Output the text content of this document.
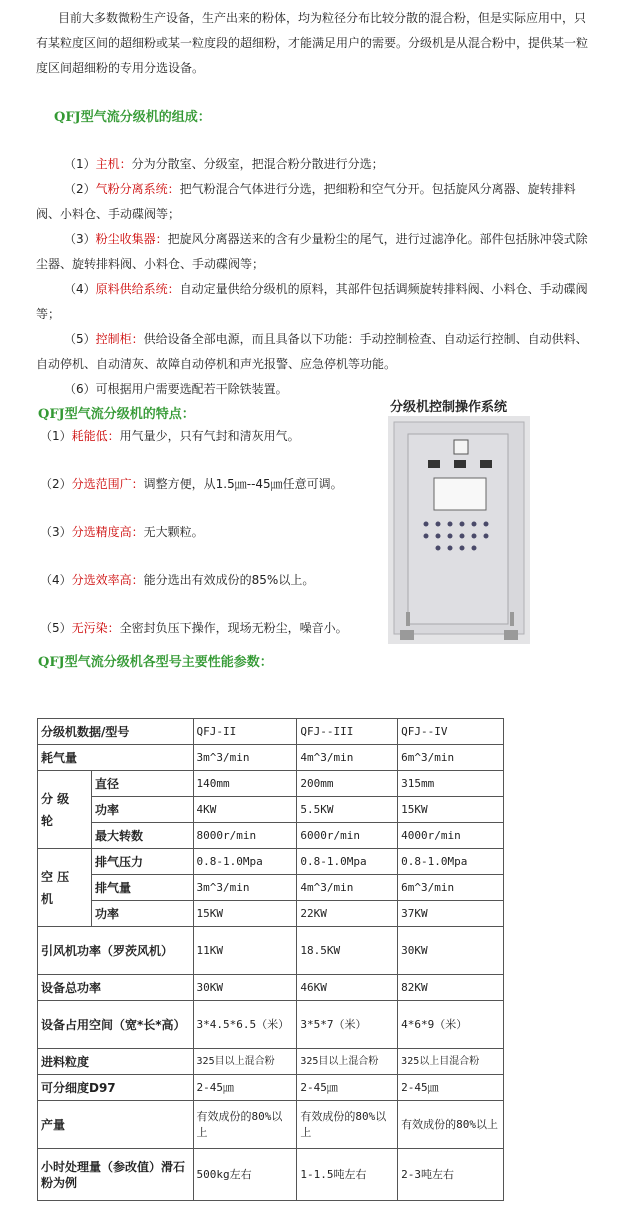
目前大多数微粉生产设备，生产出来的粉体，均为粒径分布比较分散的混合粉，但是实际应用中，只有某粒度区间的超细粉或某一粒度段的超细粉，才能满足用户的需要。分级机是从混合粉中，提供某一粒度区间超细粉的专用分选设备。
QFJ型气流分级机的组成：
（1）主机：分为分散室、分级室，把混合粉分散进行分选；
（2）气粉分离系统：把气粉混合气体进行分选，把细粉和空气分开。包括旋风分离器、旋转排料阀、小料仓、手动碟阀等；
（3）粉尘收集器：把旋风分离器送来的含有少量粉尘的尾气，进行过滤净化。部件包括脉冲袋式除尘器、旋转排料阀、小料仓、手动碟阀等；
（4）原料供给系统：自动定量供给分级机的原料，其部件包括调频旋转排料阀、小料仓、手动碟阀等；
（5）控制柜：供给设备全部电源，而且具备以下功能：手动控制检查、自动运行控制、自动供料、自动停机、自动清灰、故障自动停机和声光报警、应急停机等功能。
（6）可根据用户需要选配若干除铁装置。
QFJ型气流分级机的特点：
（1）耗能低：用气量少，只有气封和清灰用气。
（2）分选范围广：调整方便，从1.5㎛--45㎛任意可调。
（3）分选精度高：无大颗粒。
（4）分选效率高：能分选出有效成份的85%以上。
（5）无污染：全密封负压下操作，现场无粉尘，噪音小。
分级机控制操作系统
QFJ型气流分级机各型号主要性能参数：
分级机数据/型号		QFJ-II	QFJ--III	QFJ--IV
耗气量		3m^3/min	4m^3/min	6m^3/min

分 级 轮	直径	140mm	200mm	315mm
	功率	4KW	5.5KW	15KW
	最大转数	8000r/min	6000r/min	4000r/min

空 压 机	排气压力	0.8-1.0Mpa	0.8-1.0Mpa	0.8-1.0Mpa
	排气量	3m^3/min	4m^3/min	6m^3/min
	功率	15KW	22KW	37KW
引风机功率（罗茨风机）		11KW	18.5KW	30KW
设备总功率		30KW	46KW	82KW
设备占用空间（宽*长*高）		3*4.5*6.5（米）	3*5*7（米）	4*6*9（米）
进料粒度		325目以上混合粉	325目以上混合粉	325以上目混合粉
可分细度D97		2-45㎛	2-45㎛	2-45㎛
产量		有效成份的80%以上	有效成份的80%以上	有效成份的80%以上
小时处理量（参改值）滑石粉为例		500kg左右	1-1.5吨左右	2-3吨左右
